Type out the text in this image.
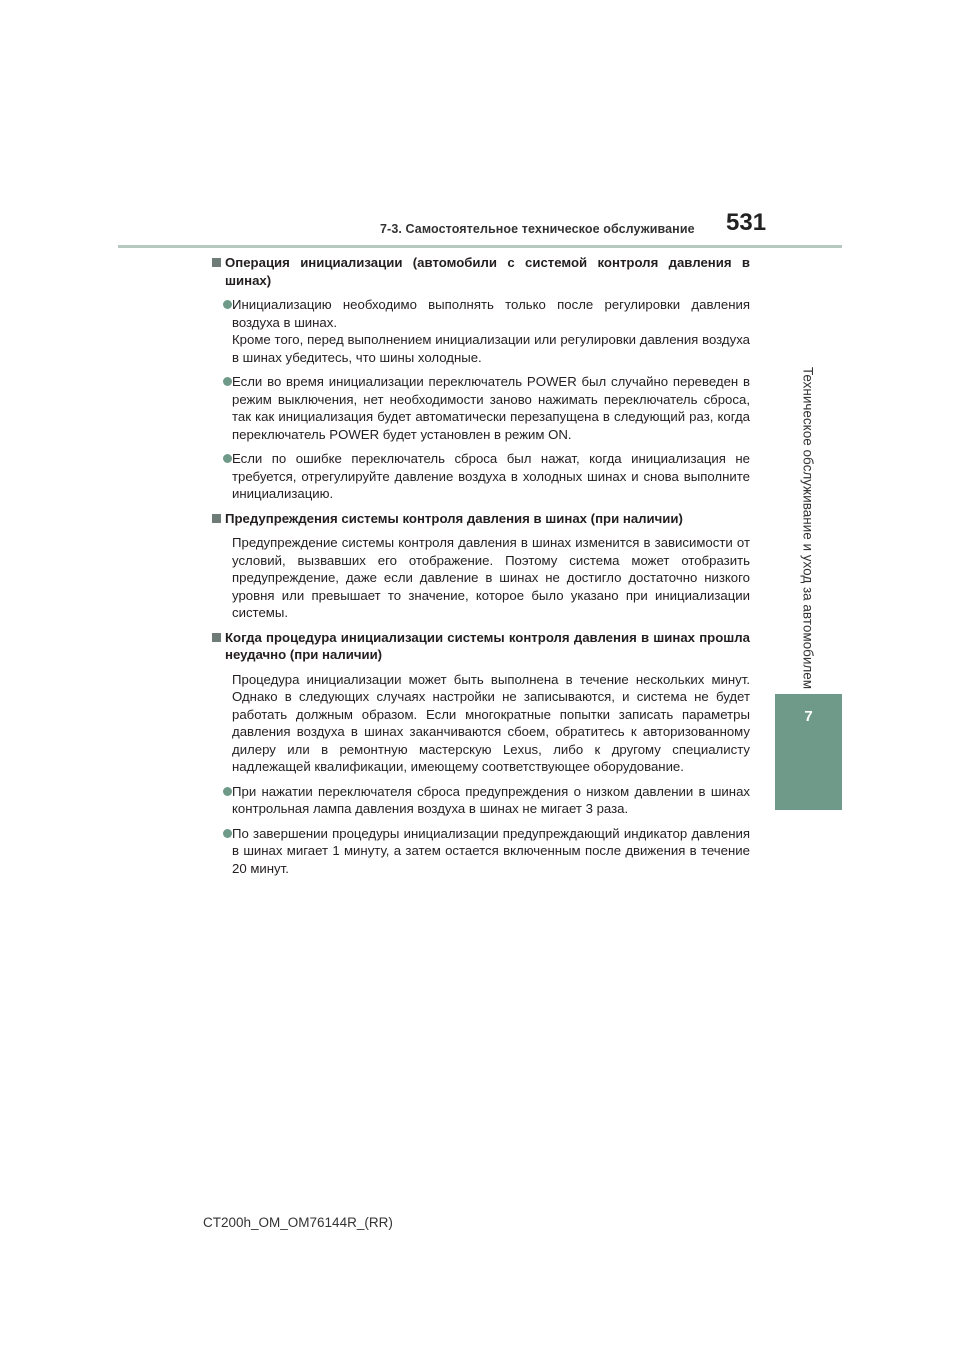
7-3. Самостоятельное техническое обслуживание 531
Техническое обслуживание и уход за автомобилем
7
Операция инициализации (автомобили с системой контроля давления в шинах)

Инициализацию необходимо выполнять только после регулировки давления воздуха в шинах.

Кроме того, перед выполнением инициализации или регулировки давления воздуха в шинах убедитесь, что шины холодные.

Если во время инициализации переключатель POWER был случайно переведен в режим выключения, нет необходимости заново нажимать переключатель сброса, так как инициализация будет автоматически перезапущена в следующий раз, когда переключатель POWER будет установлен в режим ON.

Если по ошибке переключатель сброса был нажат, когда инициализация не требуется, отрегулируйте давление воздуха в холодных шинах и снова выполните инициализацию.

Предупреждения системы контроля давления в шинах (при наличии)

Предупреждение системы контроля давления в шинах изменится в зависимости от условий, вызвавших его отображение. Поэтому система может отобразить предупреждение, даже если давление в шинах не достигло достаточно низкого уровня или превышает то значение, которое было указано при инициализации системы.

Когда процедура инициализации системы контроля давления в шинах прошла неудачно (при наличии)

Процедура инициализации может быть выполнена в течение нескольких минут. Однако в следующих случаях настройки не записываются, и система не будет работать должным образом. Если многократные попытки записать параметры давления воздуха в шинах заканчиваются сбоем, обратитесь к авторизованному дилеру или в ремонтную мастерскую Lexus, либо к другому специалисту надлежащей квалификации, имеющему соответствующее оборудование.

При нажатии переключателя сброса предупреждения о низком давлении в шинах контрольная лампа давления воздуха в шинах не мигает 3 раза.

По завершении процедуры инициализации предупреждающий индикатор давления в шинах мигает 1 минуту, а затем остается включенным после движения в течение 20 минут.

CT200h_OM_OM76144R_(RR)
